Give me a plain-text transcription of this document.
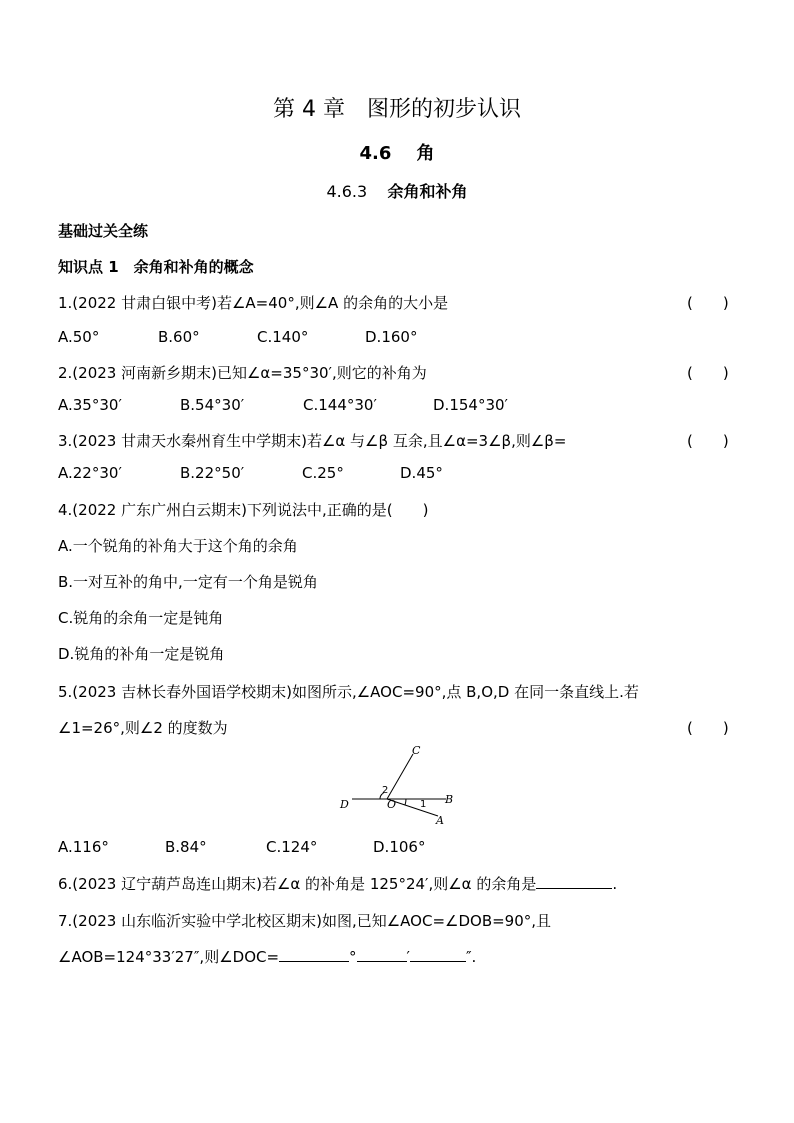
第 4 章　图形的初步认识
4.6 角
4.6.3 余角和补角
基础过关全练
知识点 1　余角和补角的概念
1.(2022 甘肃白银中考)若∠A=40°,则∠A 的余角的大小是	(　　)
A.50°	B.60°	C.140°	D.160°
2.(2023 河南新乡期末)已知∠α=35°30′,则它的补角为	(　　)
A.35°30′	B.54°30′	C.144°30′	D.154°30′
3.(2023 甘肃天水秦州育生中学期末)若∠α 与∠β 互余,且∠α=3∠β,则∠β=	(　　)
A.22°30′	B.22°50′	C.25°	D.45°
4.(2022 广东广州白云期末)下列说法中,正确的是(　　)
A.一个锐角的补角大于这个角的余角
B.一对互补的角中,一定有一个角是锐角
C.锐角的余角一定是钝角
D.锐角的补角一定是锐角
5.(2023 吉林长春外国语学校期末)如图所示,∠AOC=90°,点 B,O,D 在同一条直线上.若
∠1=26°,则∠2 的度数为	(　　)
C
D	O	B
A
2
1
A.116°	B.84°	C.124°	D.106°
6.(2023 辽宁葫芦岛连山期末)若∠α 的补角是 125°24′,则∠α 的余角是	.
7.(2023 山东临沂实验中学北校区期末)如图,已知∠AOC=∠DOB=90°,且
∠AOB=124°33′27″,则∠DOC=	°	′	″.
